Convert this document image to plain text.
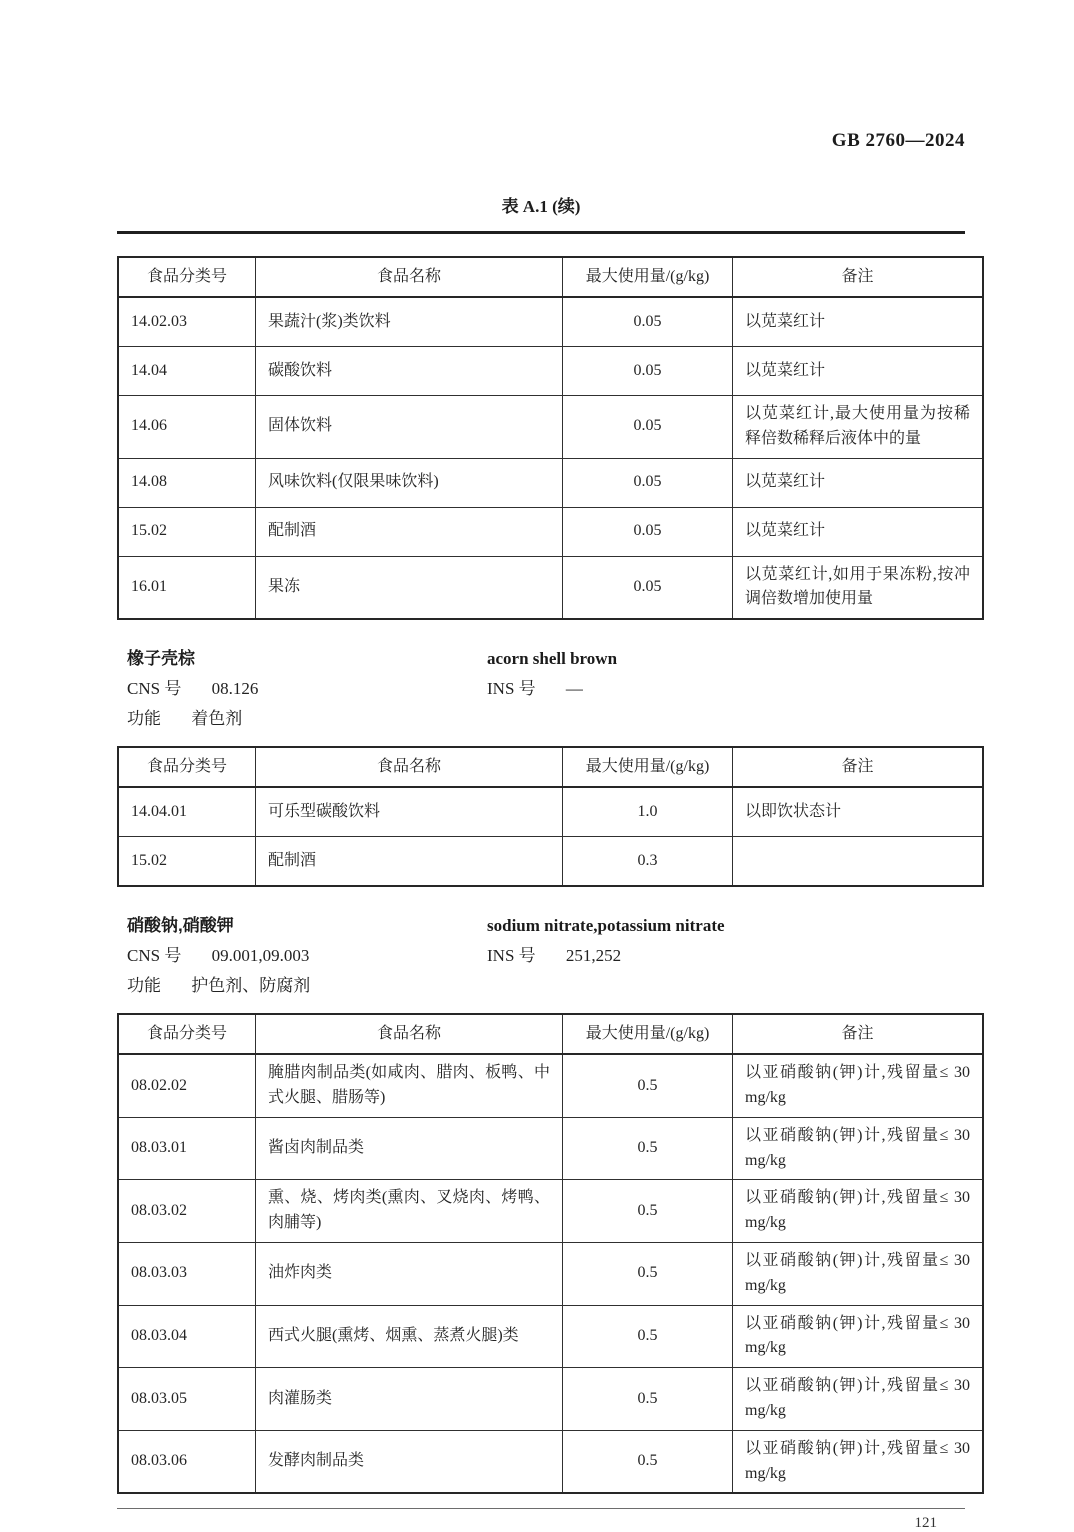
GB 2760—2024
表 A.1 (续)
食品分类号	食品名称	最大使用量/(g/kg)	备注
14.02.03	果蔬汁(浆)类饮料	0.05	以苋菜红计
14.04	碳酸饮料	0.05	以苋菜红计
14.06	固体饮料	0.05	以苋菜红计,最大使用量为按稀释倍数稀释后液体中的量
14.08	风味饮料(仅限果味饮料)	0.05	以苋菜红计
15.02	配制酒	0.05	以苋菜红计
16.01	果冻	0.05	以苋菜红计,如用于果冻粉,按冲调倍数增加使用量
橡子壳棕	acorn shell brown
CNS 号 08.126	INS 号 —
功能 着色剂
食品分类号	食品名称	最大使用量/(g/kg)	备注
14.04.01	可乐型碳酸饮料	1.0	以即饮状态计
15.02	配制酒	0.3	
硝酸钠,硝酸钾	sodium nitrate,potassium nitrate
CNS 号 09.001,09.003	INS 号 251,252
功能 护色剂、防腐剂
食品分类号	食品名称	最大使用量/(g/kg)	备注
08.02.02	腌腊肉制品类(如咸肉、腊肉、板鸭、中式火腿、腊肠等)	0.5	以亚硝酸钠(钾)计,残留量≤ 30 mg/kg
08.03.01	酱卤肉制品类	0.5	以亚硝酸钠(钾)计,残留量≤ 30 mg/kg
08.03.02	熏、烧、烤肉类(熏肉、叉烧肉、烤鸭、肉脯等)	0.5	以亚硝酸钠(钾)计,残留量≤ 30 mg/kg
08.03.03	油炸肉类	0.5	以亚硝酸钠(钾)计,残留量≤ 30 mg/kg
08.03.04	西式火腿(熏烤、烟熏、蒸煮火腿)类	0.5	以亚硝酸钠(钾)计,残留量≤ 30 mg/kg
08.03.05	肉灌肠类	0.5	以亚硝酸钠(钾)计,残留量≤ 30 mg/kg
08.03.06	发酵肉制品类	0.5	以亚硝酸钠(钾)计,残留量≤ 30 mg/kg
121
